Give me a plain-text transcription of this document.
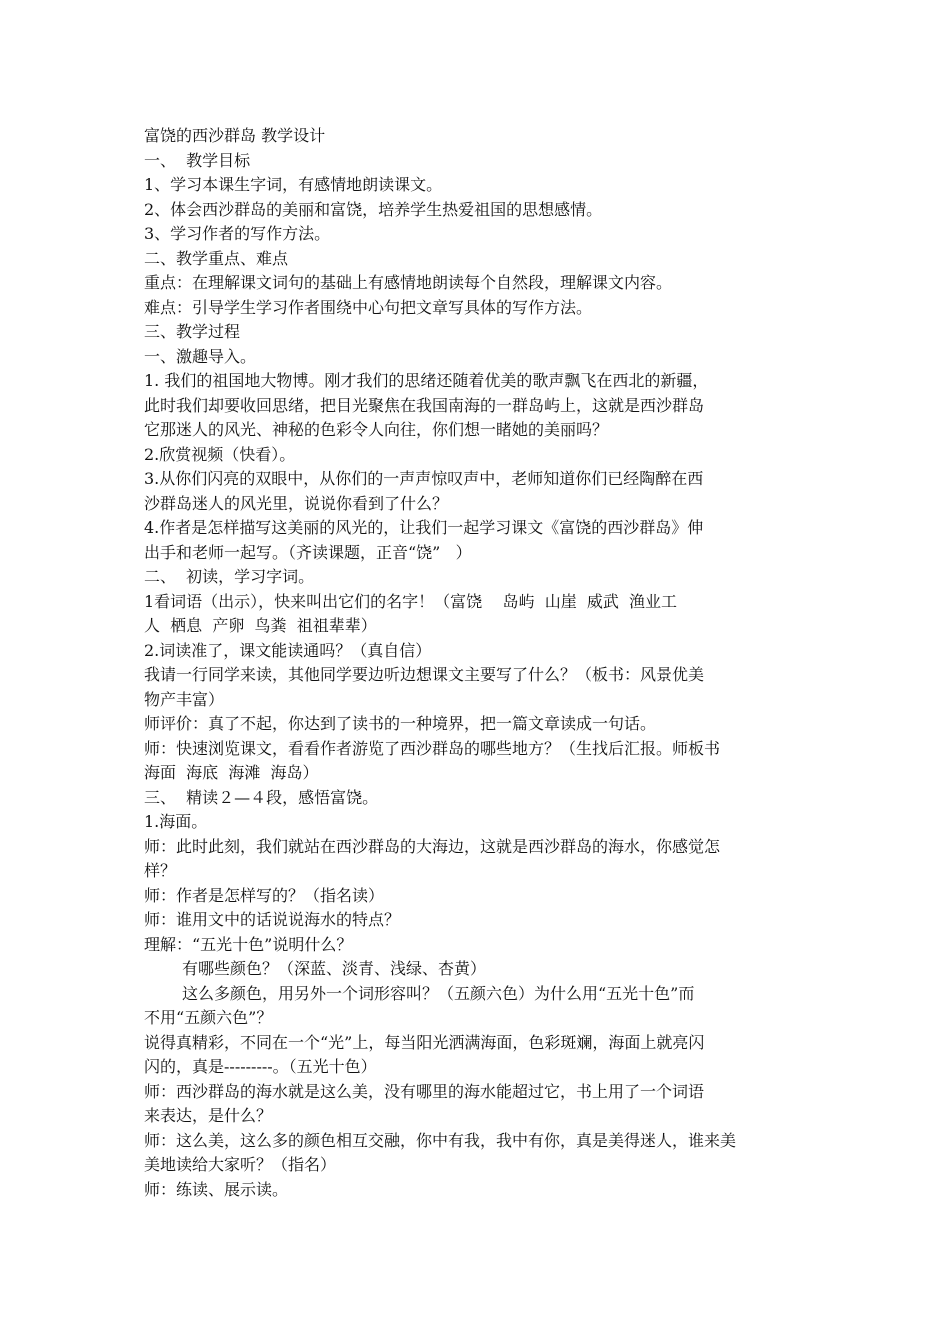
富饶的西沙群岛 教学设计
一、  教学目标
1、学习本课生字词，有感情地朗读课文。
2、体会西沙群岛的美丽和富饶，培养学生热爱祖国的思想感情。
3、学习作者的写作方法。
二、教学重点、难点
重点：在理解课文词句的基础上有感情地朗读每个自然段，理解课文内容。
难点：引导学生学习作者围绕中心句把文章写具体的写作方法。
三、教学过程
一、激趣导入。
1. 我们的祖国地大物博。刚才我们的思绪还随着优美的歌声飘飞在西北的新疆，
此时我们却要收回思绪，把目光聚焦在我国南海的一群岛屿上，这就是西沙群岛
它那迷人的风光、神秘的色彩令人向往，你们想一睹她的美丽吗？
2.欣赏视频（快看）。
3.从你们闪亮的双眼中，从你们的一声声惊叹声中，老师知道你们已经陶醉在西
沙群岛迷人的风光里，说说你看到了什么？
4.作者是怎样描写这美丽的风光的，让我们一起学习课文《富饶的西沙群岛》伸
出手和老师一起写。（齐读课题，正音“饶”   ）
二、  初读，学习字词。
1看词语（出示），快来叫出它们的名字！（富饶    岛屿  山崖  威武  渔业工
人  栖息  产卵  鸟粪  祖祖辈辈）
2.词读准了，课文能读通吗？（真自信）
我请一行同学来读，其他同学要边听边想课文主要写了什么？（板书：风景优美
物产丰富）
师评价：真了不起，你达到了读书的一种境界，把一篇文章读成一句话。
师：快速浏览课文，看看作者游览了西沙群岛的哪些地方？（生找后汇报。师板书
海面  海底  海滩  海岛）
三、  精读２—４段，感悟富饶。
1.海面。
师：此时此刻，我们就站在西沙群岛的大海边，这就是西沙群岛的海水，你感觉怎
样？
师：作者是怎样写的？（指名读）
师：谁用文中的话说说海水的特点？
理解：“五光十色”说明什么？
有哪些颜色？（深蓝、淡青、浅绿、杏黄）
这么多颜色，用另外一个词形容叫？（五颜六色）为什么用“五光十色”而
不用“五颜六色”？
说得真精彩，不同在一个“光”上，每当阳光洒满海面，色彩斑斓，海面上就亮闪
闪的，真是---------。（五光十色）
师：西沙群岛的海水就是这么美，没有哪里的海水能超过它，书上用了一个词语
来表达，是什么？
师：这么美，这么多的颜色相互交融，你中有我，我中有你，真是美得迷人，谁来美
美地读给大家听？（指名）
师：练读、展示读。
